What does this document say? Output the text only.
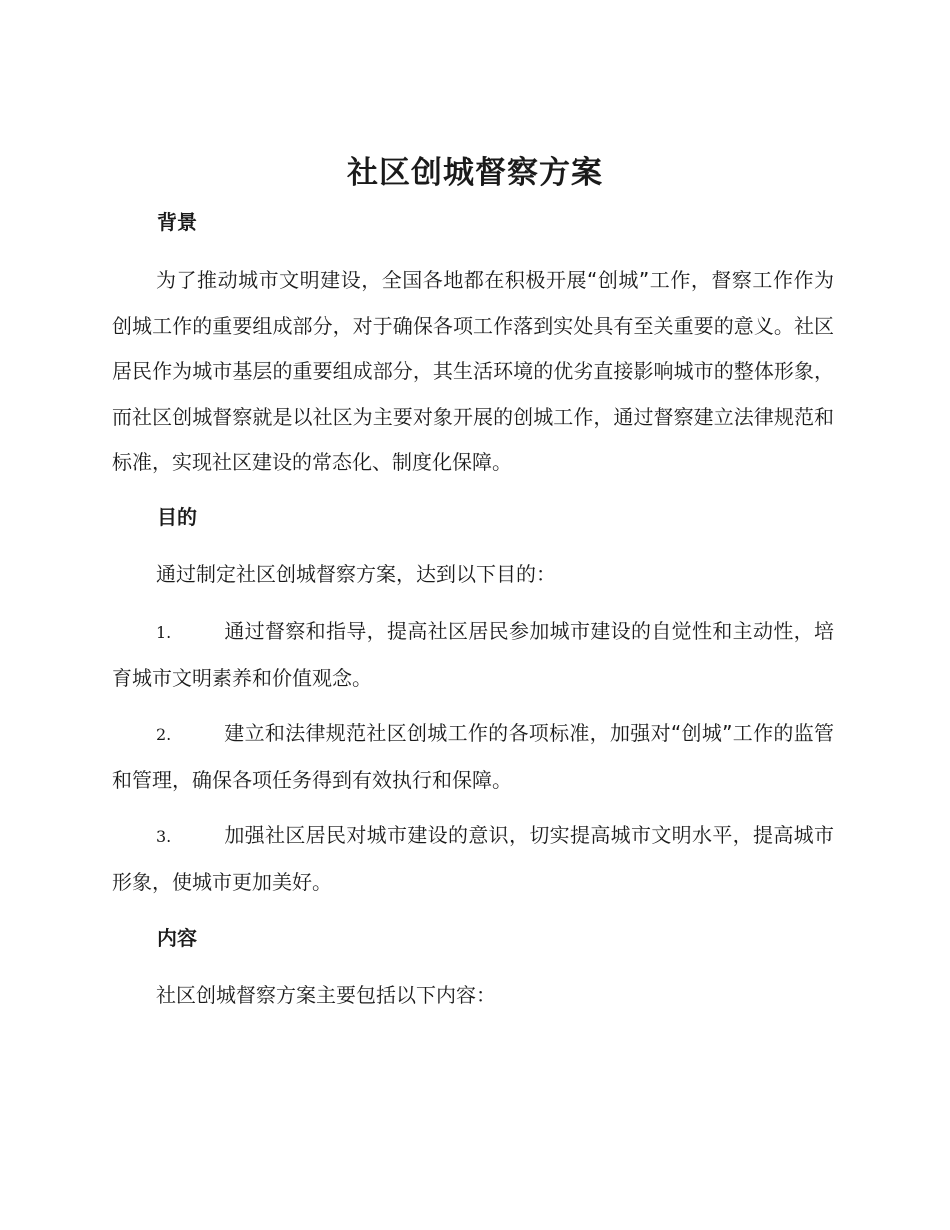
社区创城督察方案
背景

为了推动城市文明建设，全国各地都在积极开展“创城”工作，督察工作作为创城工作的重要组成部分，对于确保各项工作落到实处具有至关重要的意义。社区居民作为城市基层的重要组成部分，其生活环境的优劣直接影响城市的整体形象，而社区创城督察就是以社区为主要对象开展的创城工作，通过督察建立法律规范和标准，实现社区建设的常态化、制度化保障。

目的

通过制定社区创城督察方案，达到以下目的：

1.	通过督察和指导，提高社区居民参加城市建设的自觉性和主动性，培育城市文明素养和价值观念。

2.	建立和法律规范社区创城工作的各项标准，加强对“创城”工作的监管和管理，确保各项任务得到有效执行和保障。

3.	加强社区居民对城市建设的意识，切实提高城市文明水平，提高城市形象，使城市更加美好。

内容

社区创城督察方案主要包括以下内容：
